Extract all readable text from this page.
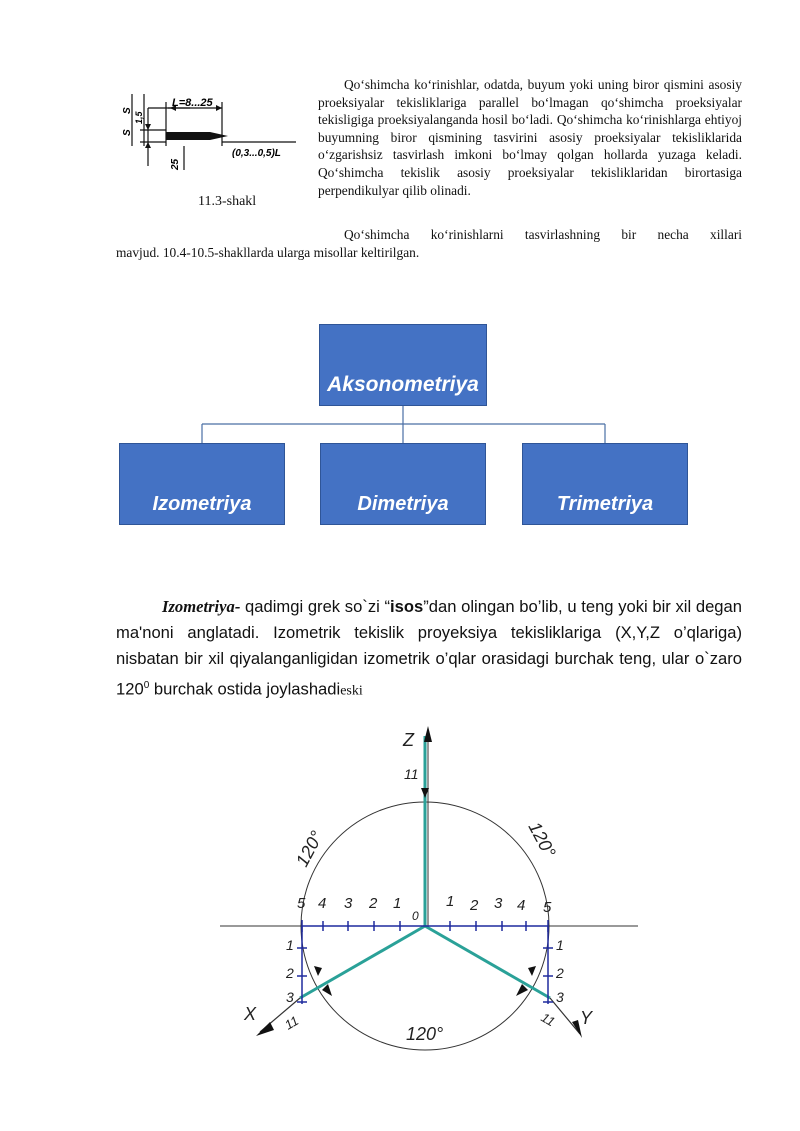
L=8...25
(0,3...0,5)L
25
S
S
1,5
11.3-shakl

Qo‘shimcha ko‘rinishlar, odatda, buyum yoki uning biror qismini asosiy proeksiyalar tekisliklariga parallel bo‘lmagan qo‘shimcha proeksiyalar tekisligiga proeksiyalanganda hosil bo‘ladi. Qo‘shimcha ko‘rinishlarga ehtiyoj buyumning biror qismining tasvirini asosiy proeksiyalar tekisliklarida o‘zgarishsiz tasvirlash imkoni bo‘lmay qolgan hollarda yuzaga keladi. Qo‘shimcha tekislik asosiy proeksiyalar tekisliklaridan birortasiga perpendikulyar qilib olinadi.

Qo‘shimcha ko‘rinishlarni tasvirlashning bir necha xillari
mavjud. 10.4-10.5-shakllarda ularga misollar keltirilgan.
Aksonometriya
Izometriya	Dimetriya	Trimetriya
Izometriya- qadimgi grek so`zi “isos”dan olingan bo’lib, u teng yoki bir xil degan ma'noni anglatadi. Izometrik tekislik proyeksiya tekisliklariga (X,Y,Z o’qlariga) nisbatan bir xil qiyalanganligidan izometrik o’qlar orasidagi burchak teng, ular o`zaro $120^0$ burchak ostida joylashadieski
Z
11
X	Y
0
120°	120°
120°
11	11
5 4 3 2 1	1 2 3 4 5
1
2
3
1
2
3
